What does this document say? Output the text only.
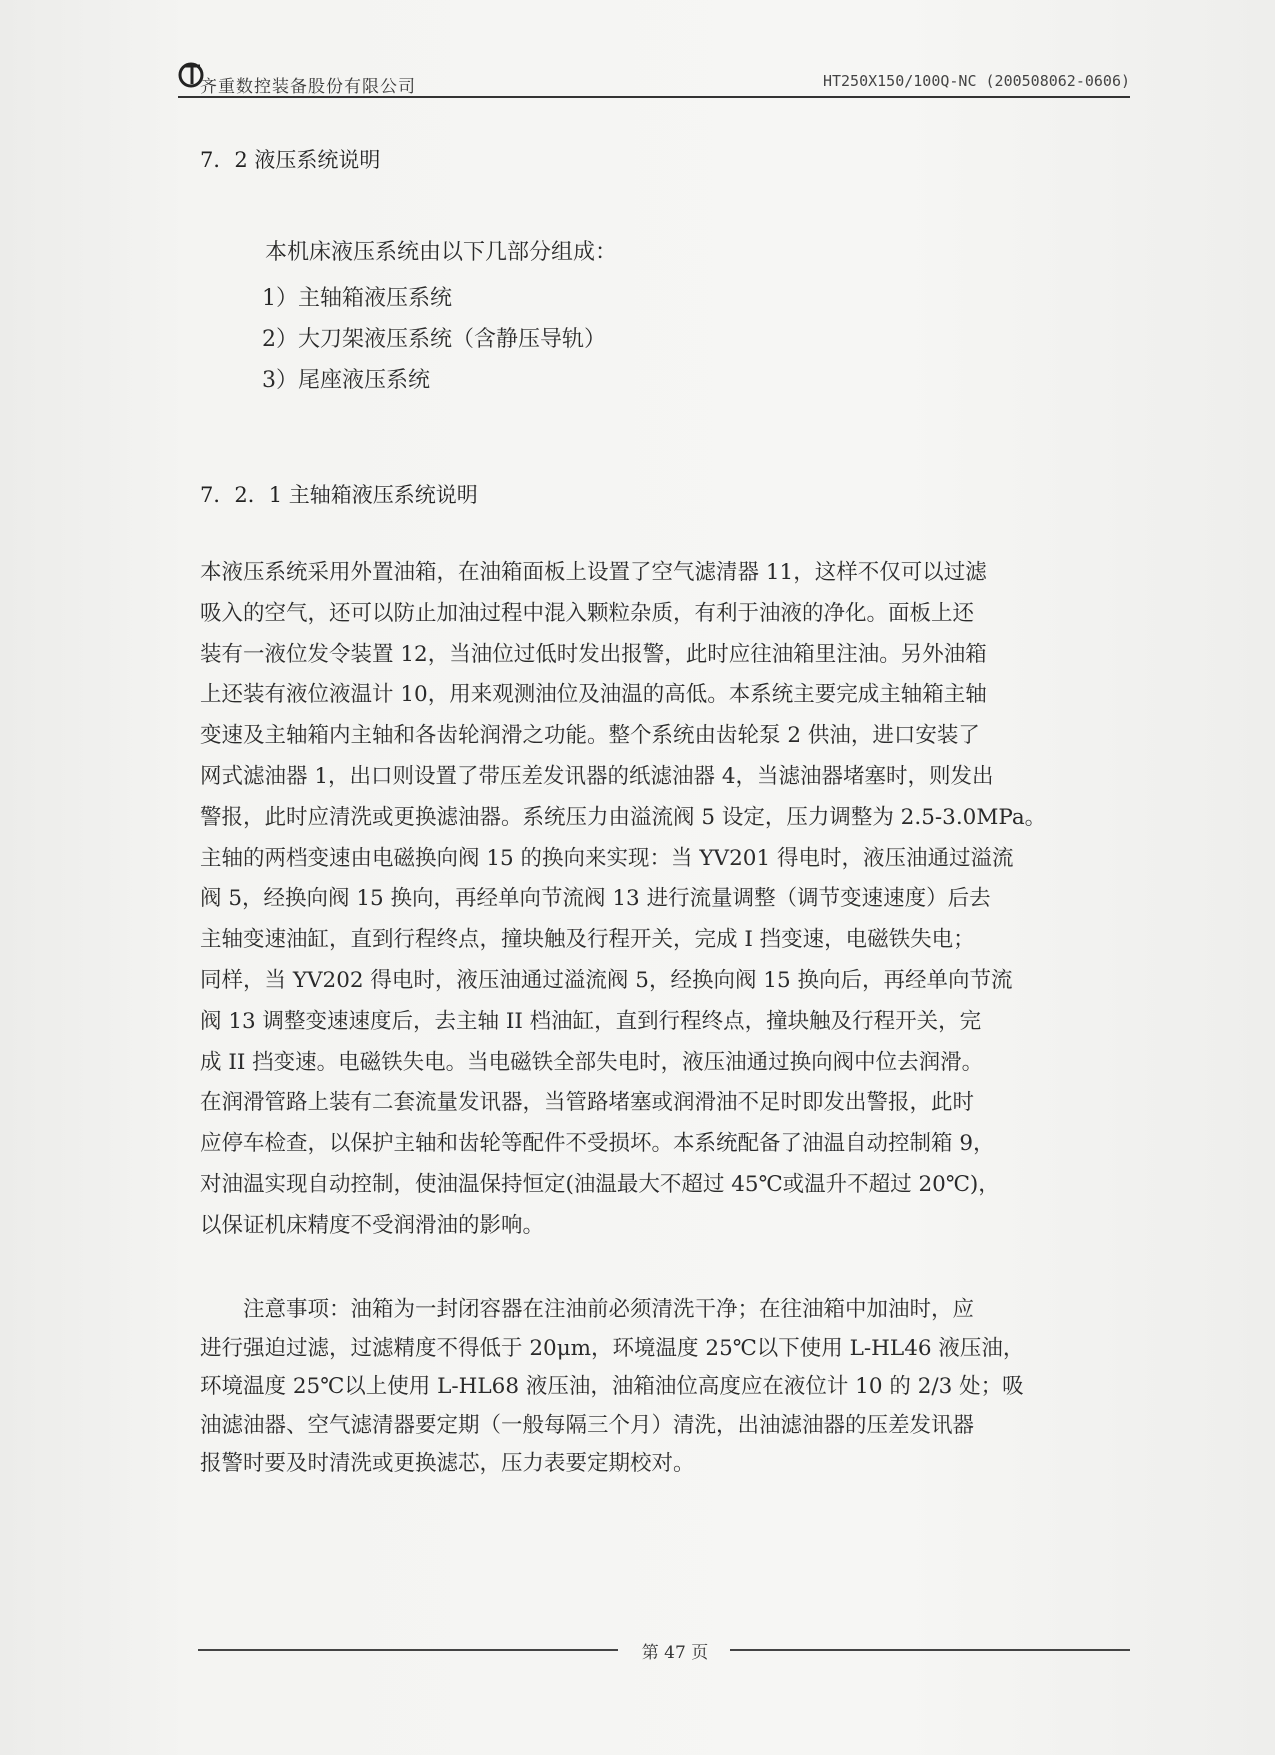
齐重数控装备股份有限公司	HT250X150/100Q-NC (200508062-0606)
7．2 液压系统说明

本机床液压系统由以下几部分组成：

1）主轴箱液压系统
2）大刀架液压系统（含静压导轨）
3）尾座液压系统
7．2．1 主轴箱液压系统说明

本液压系统采用外置油箱，在油箱面板上设置了空气滤清器 11，这样不仅可以过滤
吸入的空气，还可以防止加油过程中混入颗粒杂质，有利于油液的净化。面板上还
装有一液位发令装置 12，当油位过低时发出报警，此时应往油箱里注油。另外油箱
上还装有液位液温计 10，用来观测油位及油温的高低。本系统主要完成主轴箱主轴
变速及主轴箱内主轴和各齿轮润滑之功能。整个系统由齿轮泵 2 供油，进口安装了
网式滤油器 1，出口则设置了带压差发讯器的纸滤油器 4，当滤油器堵塞时，则发出
警报，此时应清洗或更换滤油器。系统压力由溢流阀 5 设定，压力调整为 2.5-3.0MPa。
主轴的两档变速由电磁换向阀 15 的换向来实现：当 YV201 得电时，液压油通过溢流
阀 5，经换向阀 15 换向，再经单向节流阀 13 进行流量调整（调节变速速度）后去
主轴变速油缸，直到行程终点，撞块触及行程开关，完成 I 挡变速，电磁铁失电；
同样，当 YV202 得电时，液压油通过溢流阀 5，经换向阀 15 换向后，再经单向节流
阀 13 调整变速速度后，去主轴 II 档油缸，直到行程终点，撞块触及行程开关，完
成 II 挡变速。电磁铁失电。当电磁铁全部失电时，液压油通过换向阀中位去润滑。
在润滑管路上装有二套流量发讯器，当管路堵塞或润滑油不足时即发出警报，此时
应停车检查，以保护主轴和齿轮等配件不受损坏。本系统配备了油温自动控制箱 9，
对油温实现自动控制，使油温保持恒定(油温最大不超过 45℃或温升不超过 20℃)，
以保证机床精度不受润滑油的影响。

　　注意事项：油箱为一封闭容器在注油前必须清洗干净；在往油箱中加油时，应
进行强迫过滤，过滤精度不得低于 20μm，环境温度 25℃以下使用 L-HL46 液压油，
环境温度 25℃以上使用 L-HL68 液压油，油箱油位高度应在液位计 10 的 2/3 处；吸
油滤油器、空气滤清器要定期（一般每隔三个月）清洗，出油滤油器的压差发讯器
报警时要及时清洗或更换滤芯，压力表要定期校对。

第 47 页
